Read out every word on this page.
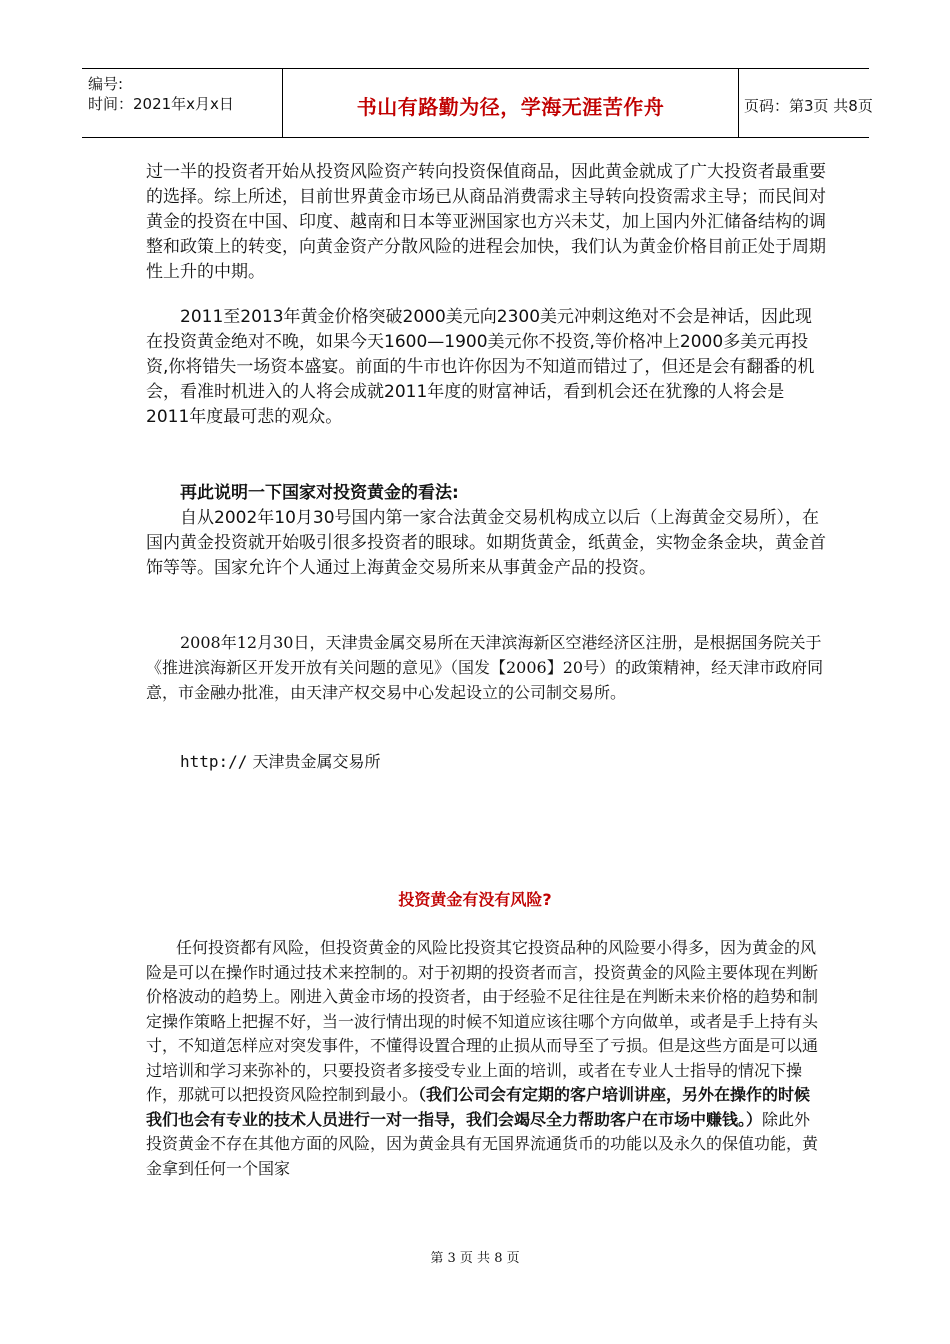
编号:
时间：2021年x月x日	书山有路勤为径，学海无涯苦作舟	页码：第3页 共8页

过一半的投资者开始从投资风险资产转向投资保值商品，因此黄金就成了广大投资者最重要的选择。综上所述，目前世界黄金市场已从商品消费需求主导转向投资需求主导；而民间对黄金的投资在中国、印度、越南和日本等亚洲国家也方兴未艾，加上国内外汇储备结构的调整和政策上的转变，向黄金资产分散风险的进程会加快，我们认为黄金价格目前正处于周期性上升的中期。

2011至2013年黄金价格突破2000美元向2300美元冲刺这绝对不会是神话，因此现在投资黄金绝对不晚，如果今天1600—1900美元你不投资,等价格冲上2000多美元再投资,你将错失一场资本盛宴。前面的牛市也许你因为不知道而错过了，但还是会有翻番的机会，看准时机进入的人将会成就2011年度的财富神话，看到机会还在犹豫的人将会是2011年度最可悲的观众。

再此说明一下国家对投资黄金的看法:

自从2002年10月30号国内第一家合法黄金交易机构成立以后（上海黄金交易所），在国内黄金投资就开始吸引很多投资者的眼球。如期货黄金，纸黄金，实物金条金块，黄金首饰等等。国家允许个人通过上海黄金交易所来从事黄金产品的投资。

2008年12月30日，天津贵金属交易所在天津滨海新区空港经济区注册，是根据国务院关于《推进滨海新区开发开放有关问题的意见》（国发【2006】20号）的政策精神，经天津市政府同意，市金融办批准，由天津产权交易中心发起设立的公司制交易所。

http:// 天津贵金属交易所

投资黄金有没有风险?

任何投资都有风险，但投资黄金的风险比投资其它投资品种的风险要小得多，因为黄金的风险是可以在操作时通过技术来控制的。对于初期的投资者而言，投资黄金的风险主要体现在判断价格波动的趋势上。刚进入黄金市场的投资者，由于经验不足往往是在判断未来价格的趋势和制定操作策略上把握不好，当一波行情出现的时候不知道应该往哪个方向做单，或者是手上持有头寸，不知道怎样应对突发事件，不懂得设置合理的止损从而导至了亏损。但是这些方面是可以通过培训和学习来弥补的，只要投资者多接受专业上面的培训，或者在专业人士指导的情况下操作，那就可以把投资风险控制到最小。（我们公司会有定期的客户培训讲座，另外在操作的时候我们也会有专业的技术人员进行一对一指导，我们会竭尽全力帮助客户在市场中赚钱。）除此外投资黄金不存在其他方面的风险，因为黄金具有无国界流通货币的功能以及永久的保值功能，黄金拿到任何一个国家

第 3 页 共 8 页
